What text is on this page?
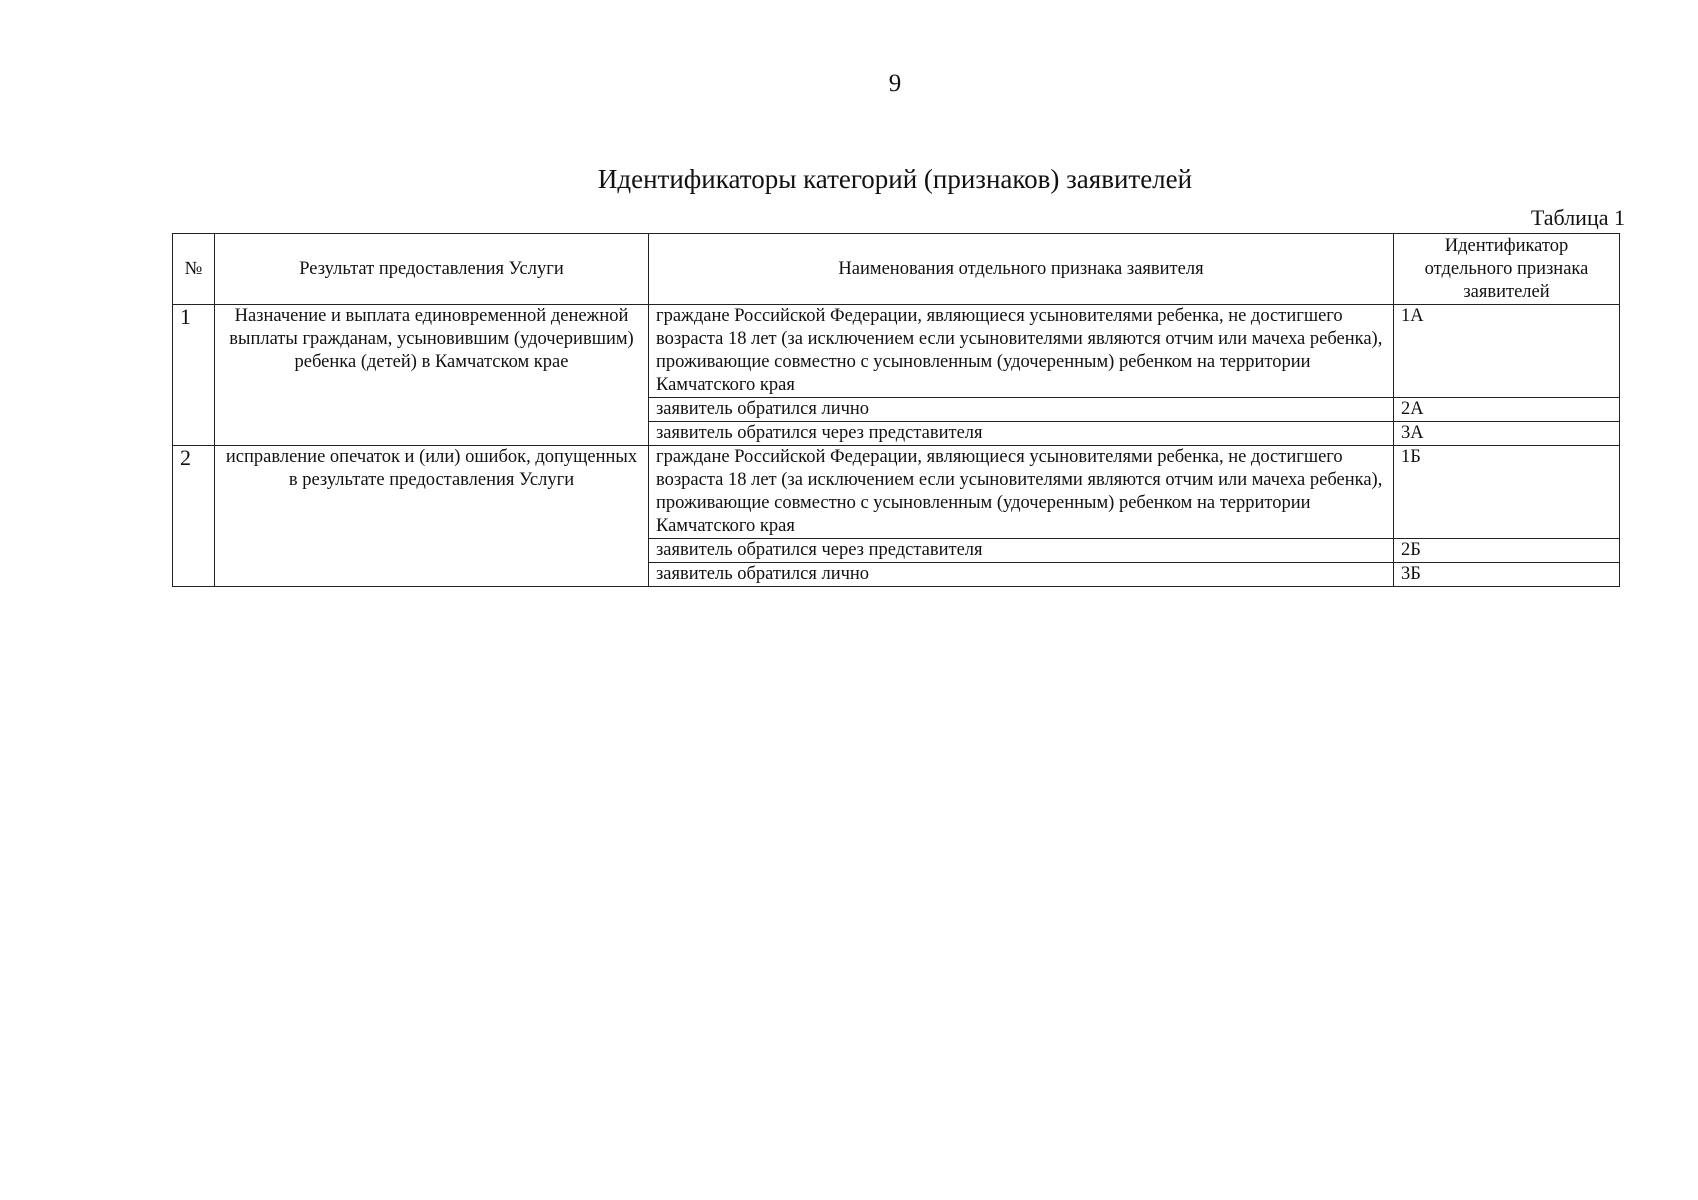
9
Идентификаторы категорий (признаков) заявителей
Таблица 1
№	Результат предоставления Услуги	Наименования отдельного признака заявителя	Идентификатор отдельного признака заявителей
1	Назначение и выплата единовременной денежной выплаты гражданам, усыновившим (удочерившим) ребенка (детей) в Камчатском крае	граждане Российской Федерации, являющиеся усыновителями ребенка, не достигшего возраста 18 лет (за исключением если усыновителями являются отчим или мачеха ребенка), проживающие совместно с усыновленным (удочеренным) ребенком на территории Камчатского края	1А
		заявитель обратился лично	2А
		заявитель обратился через представителя	3А
2	исправление опечаток и (или) ошибок, допущенных в результате предоставления Услуги	граждане Российской Федерации, являющиеся усыновителями ребенка, не достигшего возраста 18 лет (за исключением если усыновителями являются отчим или мачеха ребенка), проживающие совместно с усыновленным (удочеренным) ребенком на территории Камчатского края	1Б
		заявитель обратился через представителя	2Б
		заявитель обратился лично	3Б
